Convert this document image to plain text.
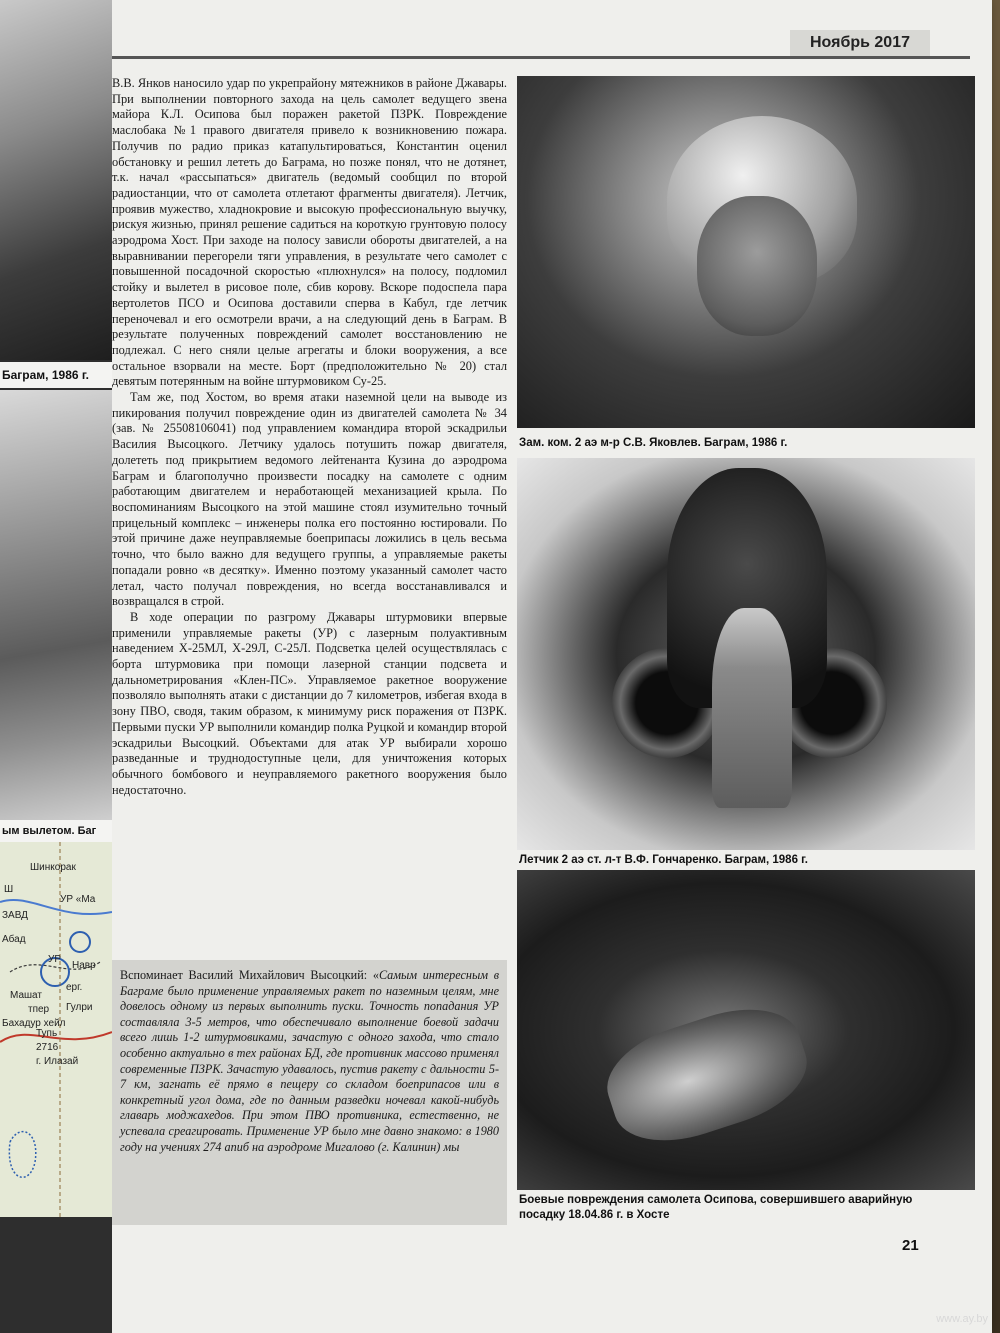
Баграм, 1986 г.
ым вылетом. Баг
Шинкорак
УР «Ма
Ш
ЗАВД
Абад
УР
Навр
Машат
тпер Гулри
Бахадур хейл
ерг.
Тупь
2716
г. Илазай
Ноябрь 2017

В.В. Янков наносило удар по укрепрайону мятежников в районе Джавары. При выполнении повторного захода на цель самолет ведущего звена майора К.Л. Осипова был поражен ракетой ПЗРК. Повреждение маслобака №1 правого двигателя привело к возникновению пожара. Получив по радио приказ катапультироваться, Константин оценил обстановку и решил лететь до Баграма, но позже понял, что не дотянет, т.к. начал «рассыпаться» двигатель (ведомый сообщил по второй радиостанции, что от самолета отлетают фрагменты двигателя). Летчик, проявив мужество, хладнокровие и высокую профессиональную выучку, рискуя жизнью, принял решение садиться на короткую грунтовую полосу аэродрома Хост. При заходе на полосу зависли обороты двигателей, а на выравнивании перегорели тяги управления, в результате чего самолет с повышенной посадочной скоростью «плюхнулся» на полосу, подломил стойку и вылетел в рисовое поле, сбив корову. Вскоре подоспела пара вертолетов ПСО и Осипова доставили сперва в Кабул, где летчик переночевал и его осмотрели врачи, а на следующий день в Баграм. В результате полученных повреждений самолет восстановлению не подлежал. С него сняли целые агрегаты и блоки вооружения, а все остальное взорвали на месте. Борт (предположительно № 20) стал девятым потерянным на войне штурмовиком Су-25.

Там же, под Хостом, во время атаки наземной цели на выводе из пикирования получил повреждение один из двигателей самолета № 34 (зав. № 25508106041) под управлением командира второй эскадрильи Василия Высоцкого. Летчику удалось потушить пожар двигателя, долететь под прикрытием ведомого лейтенанта Кузина до аэродрома Баграм и благополучно произвести посадку на самолете с одним работающим двигателем и неработающей механизацией крыла. По воспоминаниям Высоцкого на этой машине стоял изумительно точный прицельный комплекс – инженеры полка его постоянно юстировали. По этой причине даже неуправляемые боеприпасы ложились в цель весьма точно, что было важно для ведущего группы, а управляемые ракеты попадали ровно «в десятку». Именно поэтому указанный самолет часто летал, часто получал повреждения, но всегда восстанавливался и возвращался в строй.

В ходе операции по разгрому Джавары штурмовики впервые применили управляемые ракеты (УР) с лазерным полуактивным наведением Х-25МЛ, Х-29Л, С-25Л. Подсветка целей осуществлялась с борта штурмовика при помощи лазерной станции подсвета и дальнометрирования «Клен-ПС». Управляемое ракетное вооружение позволяло выполнять атаки с дистанции до 7 километров, избегая входа в зону ПВО, сводя, таким образом, к минимуму риск поражения от ПЗРК. Первыми пуски УР выполнили командир полка Руцкой и командир второй эскадрильи Высоцкий. Объектами для атак УР выбирали хорошо разведанные и труднодоступные цели, для уничтожения которых обычного бомбового и неуправляемого ракетного вооружения было недостаточно.

Вспоминает Василий Михайлович Высоцкий: «Самым интересным в Баграме было применение управляемых ракет по наземным целям, мне довелось одному из первых выполнить пуски. Точность попадания УР составляла 3-5 метров, что обеспечивало выполнение боевой задачи всего лишь 1-2 штурмовиками, зачастую с одного захода, что стало особенно актуально в тех районах БД, где противник массово применял современные ПЗРК. Зачастую удавалось, пустив ракету с дальности 5-7 км, загнать её прямо в пещеру со складом боеприпасов или в конкретный угол дома, где по данным разведки ночевал какой-нибудь главарь моджахедов. При этом ПВО противника, естественно, не успевала среагировать. Применение УР было мне давно знакомо: в 1980 году на учениях 274 апиб на аэродроме Мигалово (г. Калинин) мы
Зам. ком. 2 аэ м-р С.В. Яковлев. Баграм, 1986 г.
Летчик 2 аэ ст. л-т В.Ф. Гончаренко. Баграм, 1986 г.
Боевые повреждения самолета Осипова, совершившего аварийную посадку 18.04.86 г. в Хосте
21
www.ay.by
